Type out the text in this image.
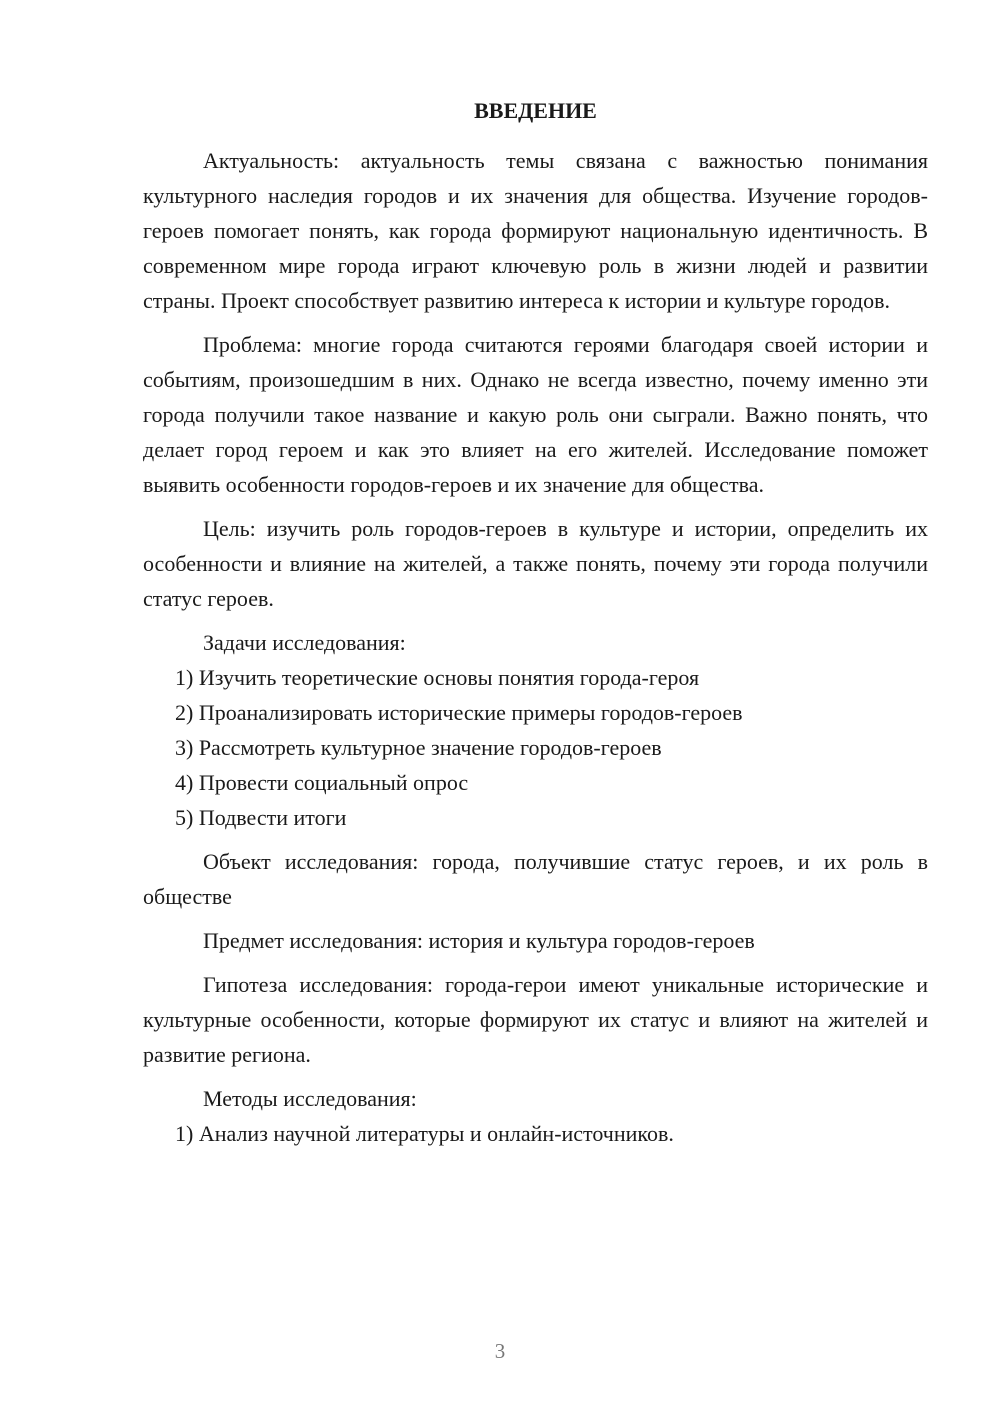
ВВЕДЕНИЕ

Актуальность: актуальность темы связана с важностью понимания культурного наследия городов и их значения для общества. Изучение городов-героев помогает понять, как города формируют национальную идентичность. В современном мире города играют ключевую роль в жизни людей и развитии страны. Проект способствует развитию интереса к истории и культуре городов.

Проблема: многие города считаются героями благодаря своей истории и событиям, произошедшим в них. Однако не всегда известно, почему именно эти города получили такое название и какую роль они сыграли. Важно понять, что делает город героем и как это влияет на его жителей. Исследование поможет выявить особенности городов-героев и их значение для общества.

Цель: изучить роль городов-героев в культуре и истории, определить их особенности и влияние на жителей, а также понять, почему эти города получили статус героев.

Задачи исследования:

1) Изучить теоретические основы понятия города-героя

2) Проанализировать исторические примеры городов-героев

3) Рассмотреть культурное значение городов-героев

4) Провести социальный опрос

5) Подвести итоги

Объект исследования: города, получившие статус героев, и их роль в обществе

Предмет исследования: история и культура городов-героев

Гипотеза исследования: города-герои имеют уникальные исторические и культурные особенности, которые формируют их статус и влияют на жителей и развитие региона.

Методы исследования:

1) Анализ научной литературы и онлайн-источников.

3
